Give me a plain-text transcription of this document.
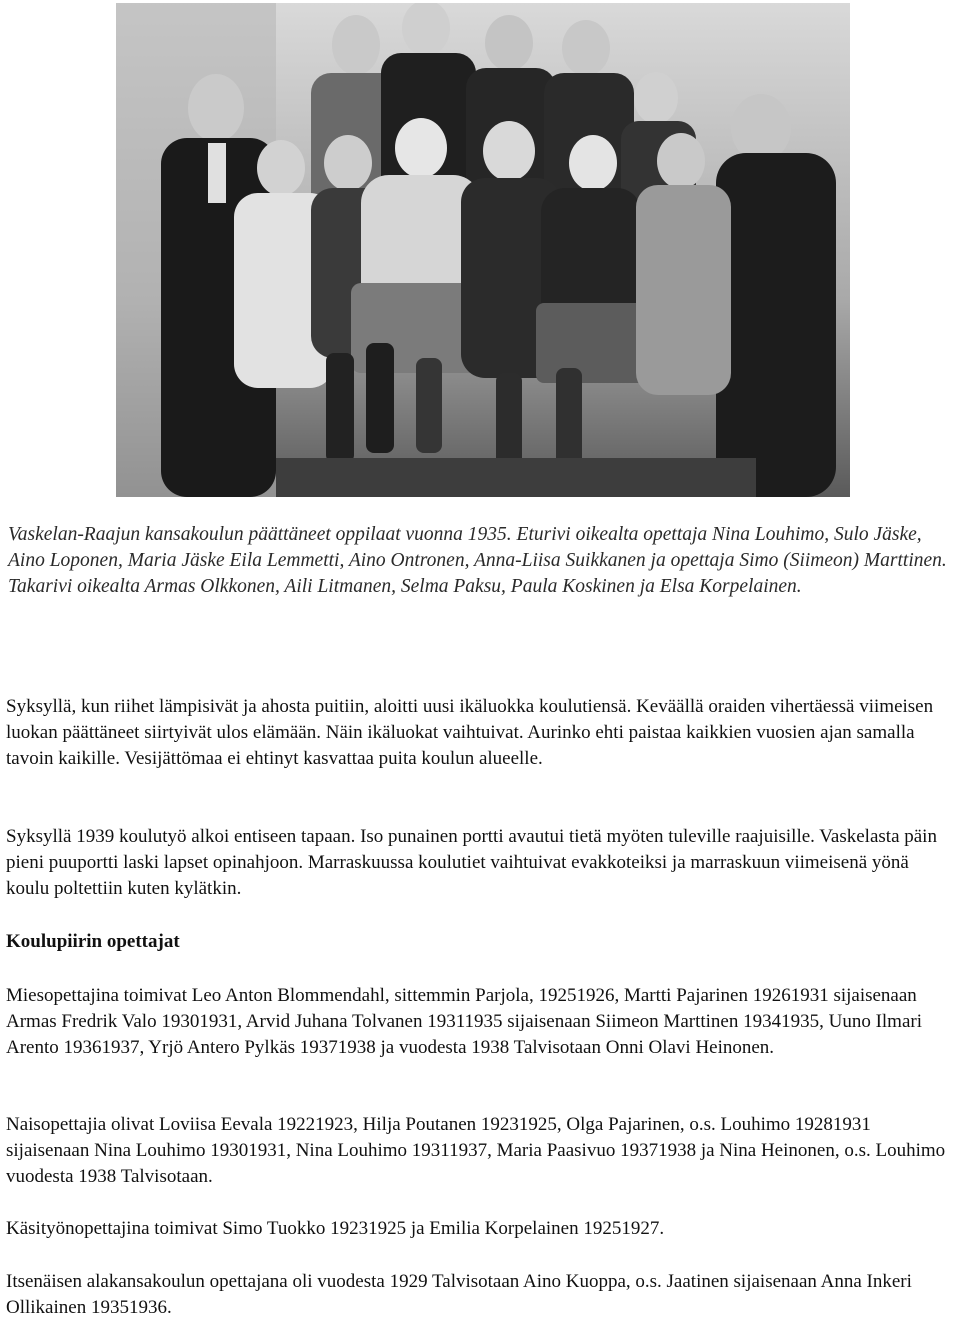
Vaskelan-Raajun kansakoulun päättäneet oppilaat vuonna 1935. Eturivi oikealta opettaja Nina Louhimo, Sulo Jäske, Aino Loponen, Maria Jäske Eila Lemmetti, Aino Ontronen, Anna-Liisa Suikkanen ja opettaja Simo (Siimeon) Marttinen.
Takarivi oikealta Armas Olkkonen, Aili Litmanen, Selma Paksu, Paula Koskinen ja Elsa Korpelainen.

Syksyllä, kun riihet lämpisivät ja ahosta puitiin, aloitti uusi ikäluokka koulutiensä. Keväällä oraiden vihertäessä viimeisen luokan päättäneet siirtyivät ulos elämään. Näin ikäluokat vaihtuivat. Aurinko ehti paistaa kaikkien vuosien ajan samalla tavoin kaikille. Vesijättömaa ei ehtinyt kasvattaa puita koulun alueelle.

Syksyllä 1939 koulutyö alkoi entiseen tapaan. Iso punainen portti avautui tietä myöten tuleville raajuisille. Vaskelasta päin pieni puuportti laski lapset opinahjoon. Marraskuussa koulutiet vaihtuivat evakkoteiksi ja marraskuun viimeisenä yönä koulu poltettiin kuten kylätkin.

Koulupiirin opettajat

Miesopettajina toimivat Leo Anton Blommendahl, sittemmin Parjola, 19251926, Martti Pajarinen 19261931 sijaisenaan Armas Fredrik Valo 19301931, Arvid Juhana Tolvanen 19311935 sijaisenaan Siimeon Marttinen 19341935, Uuno Ilmari Arento 19361937, Yrjö Antero Pylkäs 19371938 ja vuodesta 1938 Talvisotaan Onni Olavi Heinonen.

Naisopettajia olivat Loviisa Eevala 19221923, Hilja Poutanen 19231925, Olga Pajarinen, o.s. Louhimo 19281931 sijaisenaan Nina Louhimo 19301931, Nina Louhimo 19311937, Maria Paasivuo 19371938 ja Nina Heinonen, o.s. Louhimo vuodesta 1938 Talvisotaan.

Käsityönopettajina toimivat Simo Tuokko 19231925 ja Emilia Korpelainen 19251927.

Itsenäisen alakansakoulun opettajana oli vuodesta 1929 Talvisotaan Aino Kuoppa, o.s. Jaatinen sijaisenaan Anna Inkeri Ollikainen 19351936.
